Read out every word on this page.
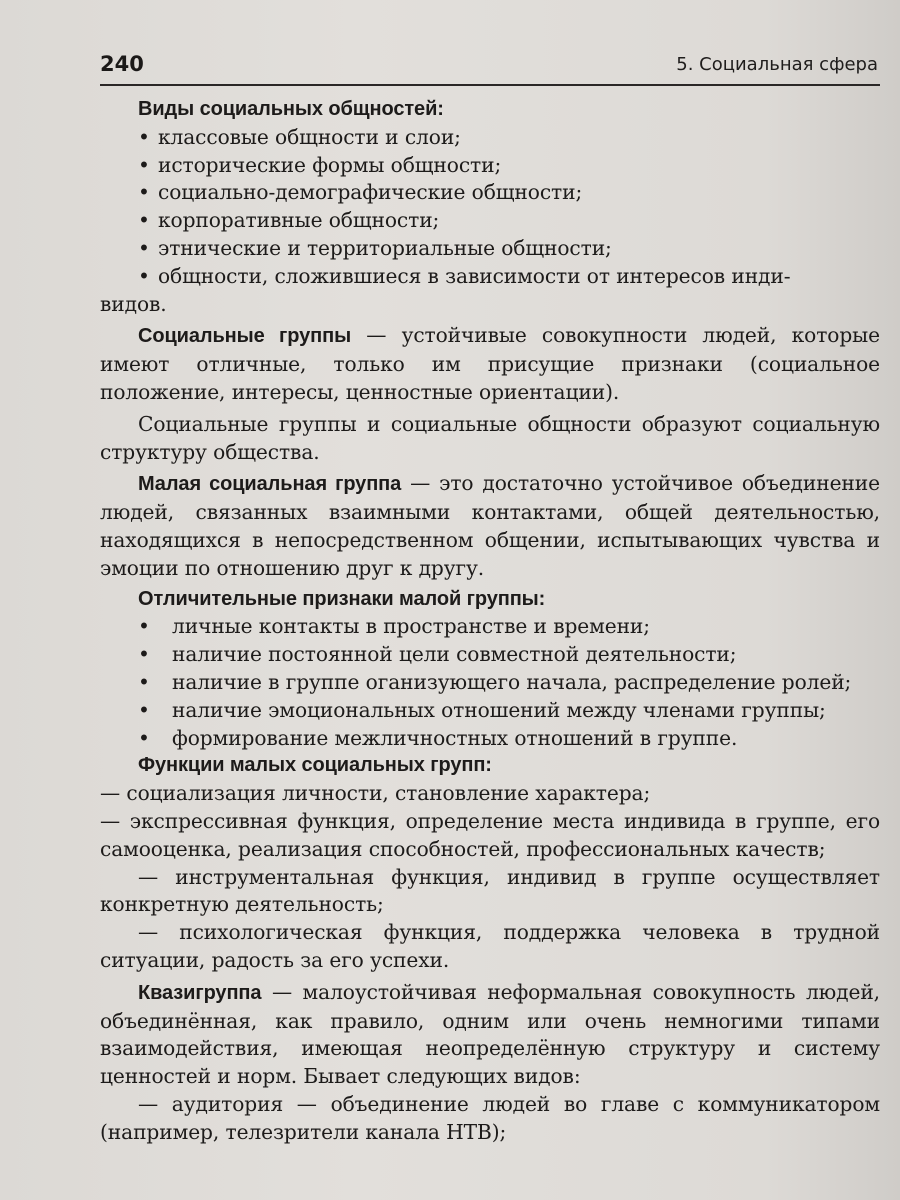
240	5. Социальная сфера

Виды социальных общностей:

• классовые общности и слои;
• исторические формы общности;
• социально-демографические общности;
• корпоративные общности;
• этнические и территориальные общности;
• общности, сложившиеся в зависимости от интересов инди-

видов.

Социальные группы — устойчивые совокупности людей, которые имеют отличные, только им присущие признаки (социальное положение, интересы, ценностные ориентации).

Социальные группы и социальные общности образуют социальную структуру общества.

Малая социальная группа — это достаточно устойчивое объединение людей, связанных взаимными контактами, общей деятельностью, находящихся в непосредственном общении, испытывающих чувства и эмоции по отношению друг к другу.

Отличительные признаки малой группы:

• личные контакты в пространстве и времени;
• наличие постоянной цели совместной деятельности;
• наличие в группе оганизующего начала, распределение ролей;
• наличие эмоциональных отношений между членами группы;
• формирование межличностных отношений в группе.

Функции малых социальных групп:

— социализация личности, становление характера;

— экспрессивная функция, определение места индивида в группе, его самооценка, реализация способностей, профессиональных качеств;

— инструментальная функция, индивид в группе осуществляет конкретную деятельность;

— психологическая функция, поддержка человека в трудной ситуации, радость за его успехи.

Квазигруппа — малоустойчивая неформальная совокупность людей, объединённая, как правило, одним или очень немногими типами взаимодействия, имеющая неопределённую структуру и систему ценностей и норм. Бывает следующих видов:

— аудитория — объединение людей во главе с коммуникатором (например, телезрители канала НТВ);
